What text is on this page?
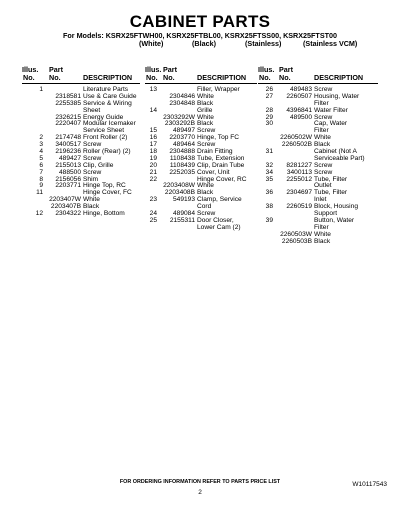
CABINET PARTS
For Models: KSRX25FTWH00, KSRX25FTBL00, KSRX25FTSS00, KSRX25FTST00
(White)	(Black)	(Stainless)	(Stainless VCM)
Illus.
No.
Part
No.	DESCRIPTION
1	Literature Parts
2318581 Use & Care Guide
2255385 Service & Wiring
Sheet
2326215 Energy Guide
2220407 Modular Icemaker
Service Sheet
2	2174748 Front Roller (2)
3	3400517 Screw
4	2196236 Roller (Rear) (2)
5	489427 Screw
6	2155013 Clip, Grille
7	488500 Screw
8	2156056 Shim
9	2203771 Hinge Top, RC
11	Hinge Cover, FC
2203407W White
2203407B Black
12	2304322 Hinge, Bottom
Illus.
No.
Part
No.	DESCRIPTION
13	Filler, Wrapper
2304846 White
2304848 Black
14	Grille
2303292W White
2303292B Black
15	489497 Screw
16	2203770 Hinge, Top FC
17	489464 Screw
18	2304888 Drain Fitting
19	1108438 Tube, Extension
20	1108439 Clip, Drain Tube
21	2252035 Cover, Unit
22	Hinge Cover, RC
2203408W White
2203408B Black
23	549193 Clamp, Service
Cord
24	489084 Screw
25	2155311 Door Closer,
Lower Cam (2)
Illus.
No.
Part
No.	DESCRIPTION
26	489483 Screw
27	2260507 Housing, Water
Filter
28	4396841 Water Filter
29	489500 Screw
30	Cap, Water
Filter
2260502W White
2260502B Black
31	Cabinet (Not A
Serviceable Part)
32	8281227 Screw
34	3400113 Screw
35	2255012 Tube, Filter
Outlet
36	2304697 Tube, Filter
Inlet
38	2260519 Block, Housing
Support
39	Button, Water
Filter
2260503W White
2260503B Black
FOR ORDERING INFORMATION REFER TO PARTS PRICE LIST
2
W10117543
